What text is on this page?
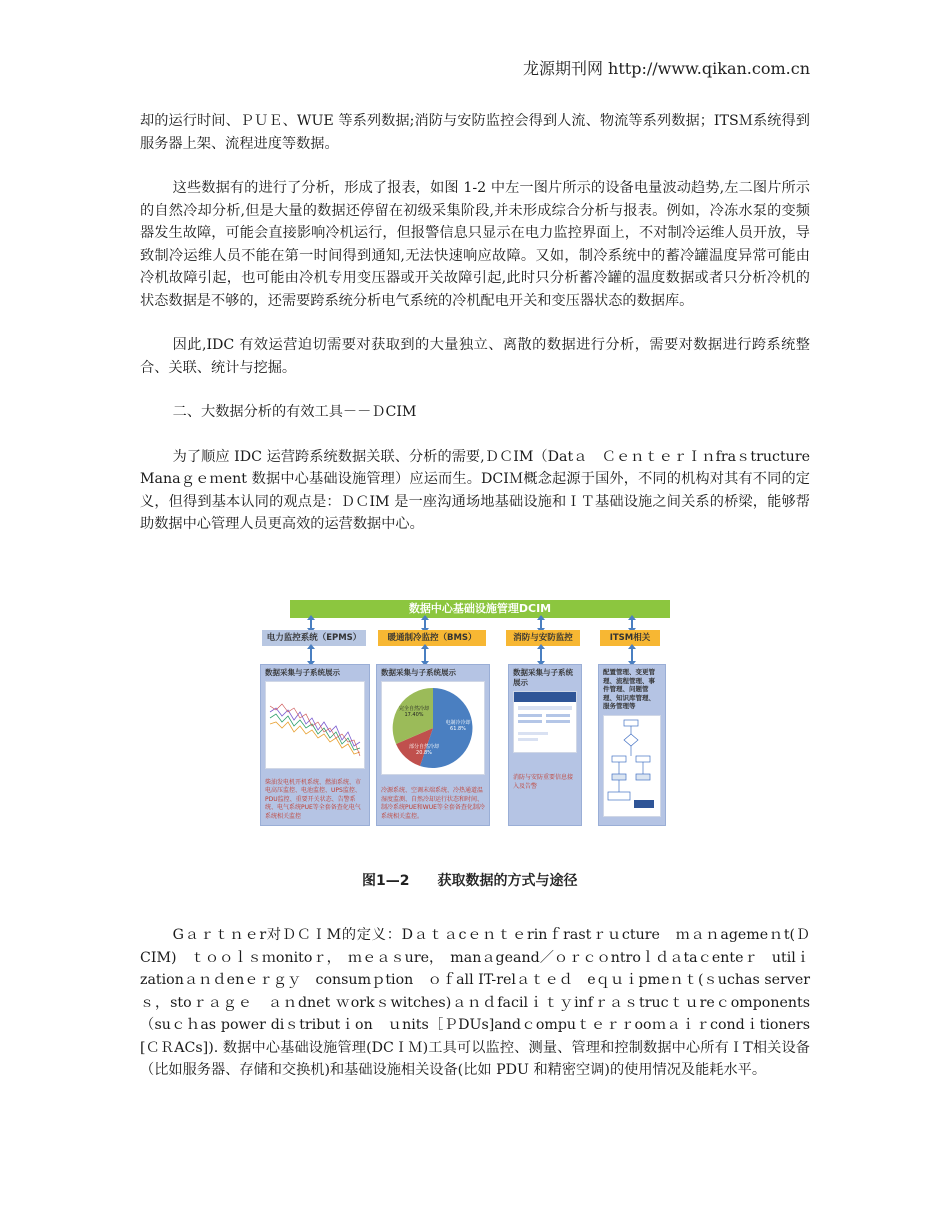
龙源期刊网 http://www.qikan.com.cn

却的运行时间、ＰＵＥ、WUE 等系列数据;消防与安防监控会得到人流、物流等系列数据；ITSＭ系统得到服务器上架、流程进度等数据。

这些数据有的进行了分析，形成了报表，如图 1-2 中左一图片所示的设备电量波动趋势,左二图片所示的自然冷却分析,但是大量的数据还停留在初级采集阶段,并未形成综合分析与报表。例如，冷冻水泵的变频器发生故障，可能会直接影响冷机运行，但报警信息只显示在电力监控界面上，不对制冷运维人员开放，导致制冷运维人员不能在第一时间得到通知,无法快速响应故障。又如，制冷系统中的蓄冷罐温度异常可能由冷机故障引起，也可能由冷机专用变压器或开关故障引起,此时只分析蓄冷罐的温度数据或者只分析冷机的状态数据是不够的，还需要跨系统分析电气系统的冷机配电开关和变压器状态的数据库。

因此,IDC 有效运营迫切需要对获取到的大量独立、离散的数据进行分析，需要对数据进行跨系统整合、关联、统计与挖掘。

二、大数据分析的有效工具－－ＤCIM

为了顺应 IDC 运营跨系统数据关联、分析的需要,ＤＣIM（Datａ　ＣｅｎｔｅｒＩｎfraｓtructure　Manaｇｅｍent 数据中心基础设施管理）应运而生。DCIＭ概念起源于国外，不同的机构对其有不同的定义，但得到基本认同的观点是：ＤＣIM 是一座沟通场地基础设施和ＩＴ基础设施之间关系的桥梁，能够帮助数据中心管理人员更高效的运营数据中心。

数据中心基础设施管理DCIM
电力监控系统（EPMS）	暖通制冷监控（BMS）	消防与安防监控	ITSM相关
数据采集与子系统展示
柴油发电机开机系统、燃油系统、市电高压监控、电池监控、UPS监控、PDU监控、重要开关状态、告警系统、电气系统PUE等全套备查化电气系统相关监控
数据采集与子系统展示
完全自然冷却 17.40%
部分自然冷却 20.8%
电制冷冷却 61.8%
冷源系统、空调末端系统、冷热通道温湿度监测、自然冷却运行状态和时间、制冷系统PUE和WUE等全套备查化制冷系统相关监控。
数据采集与子系统展示
消防与安防重要信息接入及告警
配置管理、变更管理、流程管理、事件管理、问题管理、知识库管理、服务管理等
图1—2　　获取数据的方式与途径

Gａｒｔｎｅr对ＤＣＩM的定义：Dａｔａcｅｎｔｅrinｆrastｒｕcture　ｍａｎagemeｎt(ＤCIM)　ｔｏｏｌｓｍonitoｒ，　ｍｅａｓure，　manａgeand／ｏｒｃｏntroｌｄａtaｃenteｒ　utilｉzationａｎｄenｅｒｇｙ　consumｐtion　ｏｆall IT-relａｔｅｄ　eｑｕｉpmeｎｔ(ｓuchas serverｓ，stoｒａｇｅ　ａｎdnet ｗorkｓwitches)ａｎｄfacilｉｔｙinfｒａｓtrucｔｕreｃomponents（suｃｈas power diｓtributｉon　ｕnits［ＰDUs]andｃompuｔｅｒｒooｍａｉｒcondｉtioners　[ＣＲACs]). 数据中心基础设施管理(DCＩＭ)工具可以监控、测量、管理和控制数据中心所有ＩT相关设备（比如服务器、存储和交换机)和基础设施相关设备(比如 PDU 和精密空调)的使用情况及能耗水平。
